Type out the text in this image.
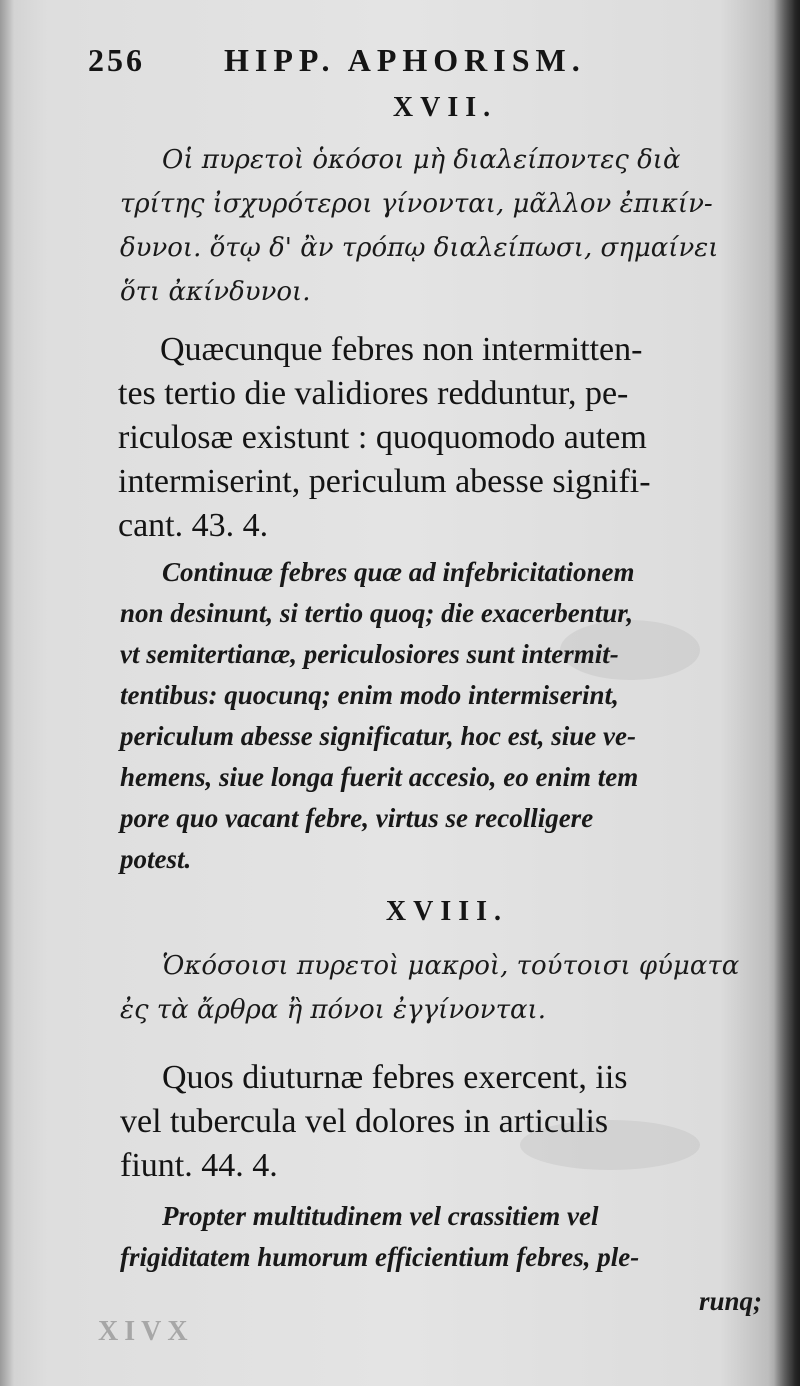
256 HIPP. APHORISM.
XVII.
Οἱ πυρετοὶ ὁκόσοι μὴ διαλείποντες διὰ
τρίτης ἰσχυρότεροι γίνονται, μᾶλλον ἐπικίν-
δυνοι. ὅτῳ δ' ἂν τρόπῳ διαλείπωσι, σημαίνει
ὅτι ἀκίνδυνοι.
Quæcunque febres non intermitten-
tes tertio die validiores redduntur, pe-
riculosæ existunt : quoquomodo autem
intermiserint, periculum abesse signifi-
cant. 43. 4.
Continuæ febres quæ ad infebricitationem
non desinunt, si tertio quoq; die exacerbentur,
vt semitertianæ, periculosiores sunt intermit-
tentibus: quocunq; enim modo intermiserint,
periculum abesse significatur, hoc est, siue ve-
hemens, siue longa fuerit accesio, eo enim tem
pore quo vacant febre, virtus se recolligere
potest.
XVIII.
Ὁκόσοισι πυρετοὶ μακροὶ, τούτοισι φύματα
ἐς τὰ ἄρθρα ἢ πόνοι ἐγγίνονται.
Quos diuturnæ febres exercent, iis
vel tubercula vel dolores in articulis
fiunt. 44. 4.
Propter multitudinem vel crassitiem vel
frigiditatem humorum efficientium febres, ple-
runq;
XIVX
